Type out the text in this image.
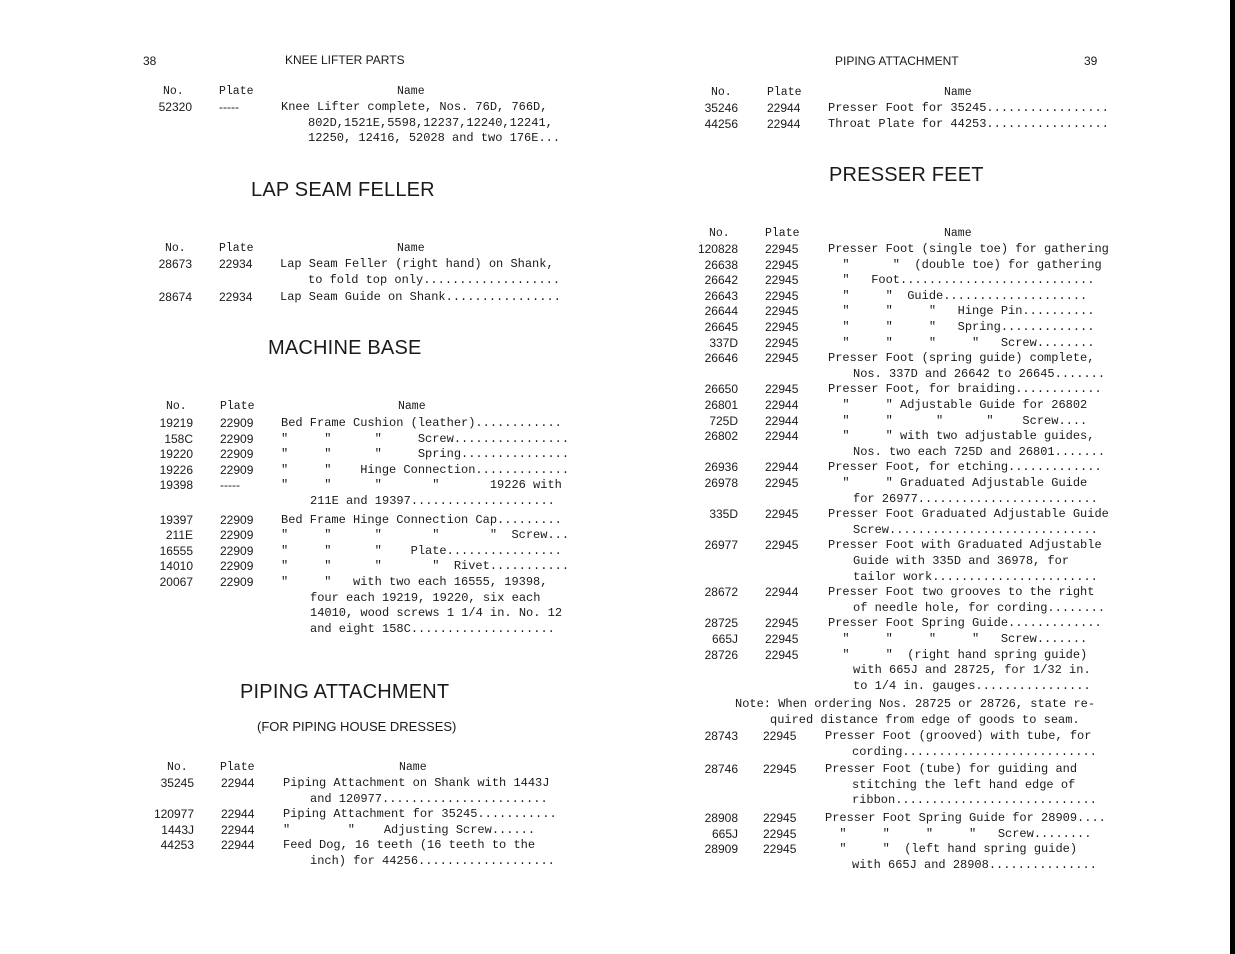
38	KNEE LIFTER PARTS	PIPING ATTACHMENT	39
LAP SEAM FELLER
MACHINE BASE
PIPING ATTACHMENT
(FOR PIPING HOUSE DRESSES)
PRESSER FEET
No.	Plate	Name
No.	Plate	Name
No.	Plate	Name
No.	Plate	Name
No.	Plate	Name
No.	Plate	Name
52320 -----	Knee Lifter complete, Nos. 76D, 766D,
802D,1521E,5598,12237,12240,12241,
12250, 12416, 52028 and two 176E...
28673 22934 Lap Seam Feller (right hand) on Shank,
to fold top only...................
28674 22934 Lap Seam Guide on Shank................
19219 22909 Bed Frame Cushion (leather)............
158C 22909 "     "      "     Screw................
19220 22909 "     "      "     Spring...............
19226 22909 "     "    Hinge Connection.............
19398 -----	"     "      "       "       19226 with
211E and 19397....................
19397 22909 Bed Frame Hinge Connection Cap.........
211E 22909 "     "      "       "       "  Screw...
16555 22909 "     "      "    Plate................
14010 22909 "     "      "       "  Rivet...........
20067 22909 "     "   with two each 16555, 19398,
four each 19219, 19220, six each
14010, wood screws 1 1/4 in. No. 12
and eight 158C....................
35245 22944 Piping Attachment on Shank with 1443J
and 120977.......................
120977 22944 Piping Attachment for 35245...........
1443J 22944 "        "    Adjusting Screw......
44253 22944 Feed Dog, 16 teeth (16 teeth to the
inch) for 44256...................
35246 22944 Presser Foot for 35245.................
44256 22944 Throat Plate for 44253.................
120828 22945 Presser Foot (single toe) for gathering
26638 22945 "      "  (double toe) for gathering
26642 22945 "   Foot...........................
26643 22945 "     "  Guide....................
26644 22945 "     "     "   Hinge Pin..........
26645 22945 "     "     "   Spring.............
337D 22945 "     "     "     "   Screw........
26646 22945 Presser Foot (spring guide) complete,
Nos. 337D and 26642 to 26645.......
26650 22945 Presser Foot, for braiding............
26801 22944 "     " Adjustable Guide for 26802
725D 22944 "     "      "      "    Screw....
26802 22944 "     " with two adjustable guides,
Nos. two each 725D and 26801.......
26936 22944 Presser Foot, for etching.............
26978 22945 "     " Graduated Adjustable Guide
for 26977.........................
335D 22945 Presser Foot Graduated Adjustable Guide
Screw.............................
26977 22945 Presser Foot with Graduated Adjustable
Guide with 335D and 36978, for
tailor work.......................
28672 22944 Presser Foot two grooves to the right
of needle hole, for cording........
28725 22945 Presser Foot Spring Guide.............
665J 22945 "     "     "     "   Screw.......
28726 22945 "     "  (right hand spring guide)
with 665J and 28725, for 1/32 in.
to 1/4 in. gauges................
Note: When ordering Nos. 28725 or 28726, state re-
quired distance from edge of goods to seam.
28743 22945 Presser Foot (grooved) with tube, for
cording...........................
28746 22945 Presser Foot (tube) for guiding and
stitching the left hand edge of
ribbon............................
28908 22945 Presser Foot Spring Guide for 28909....
665J 22945 "     "     "     "   Screw........
28909 22945 "     "  (left hand spring guide)
with 665J and 28908...............
